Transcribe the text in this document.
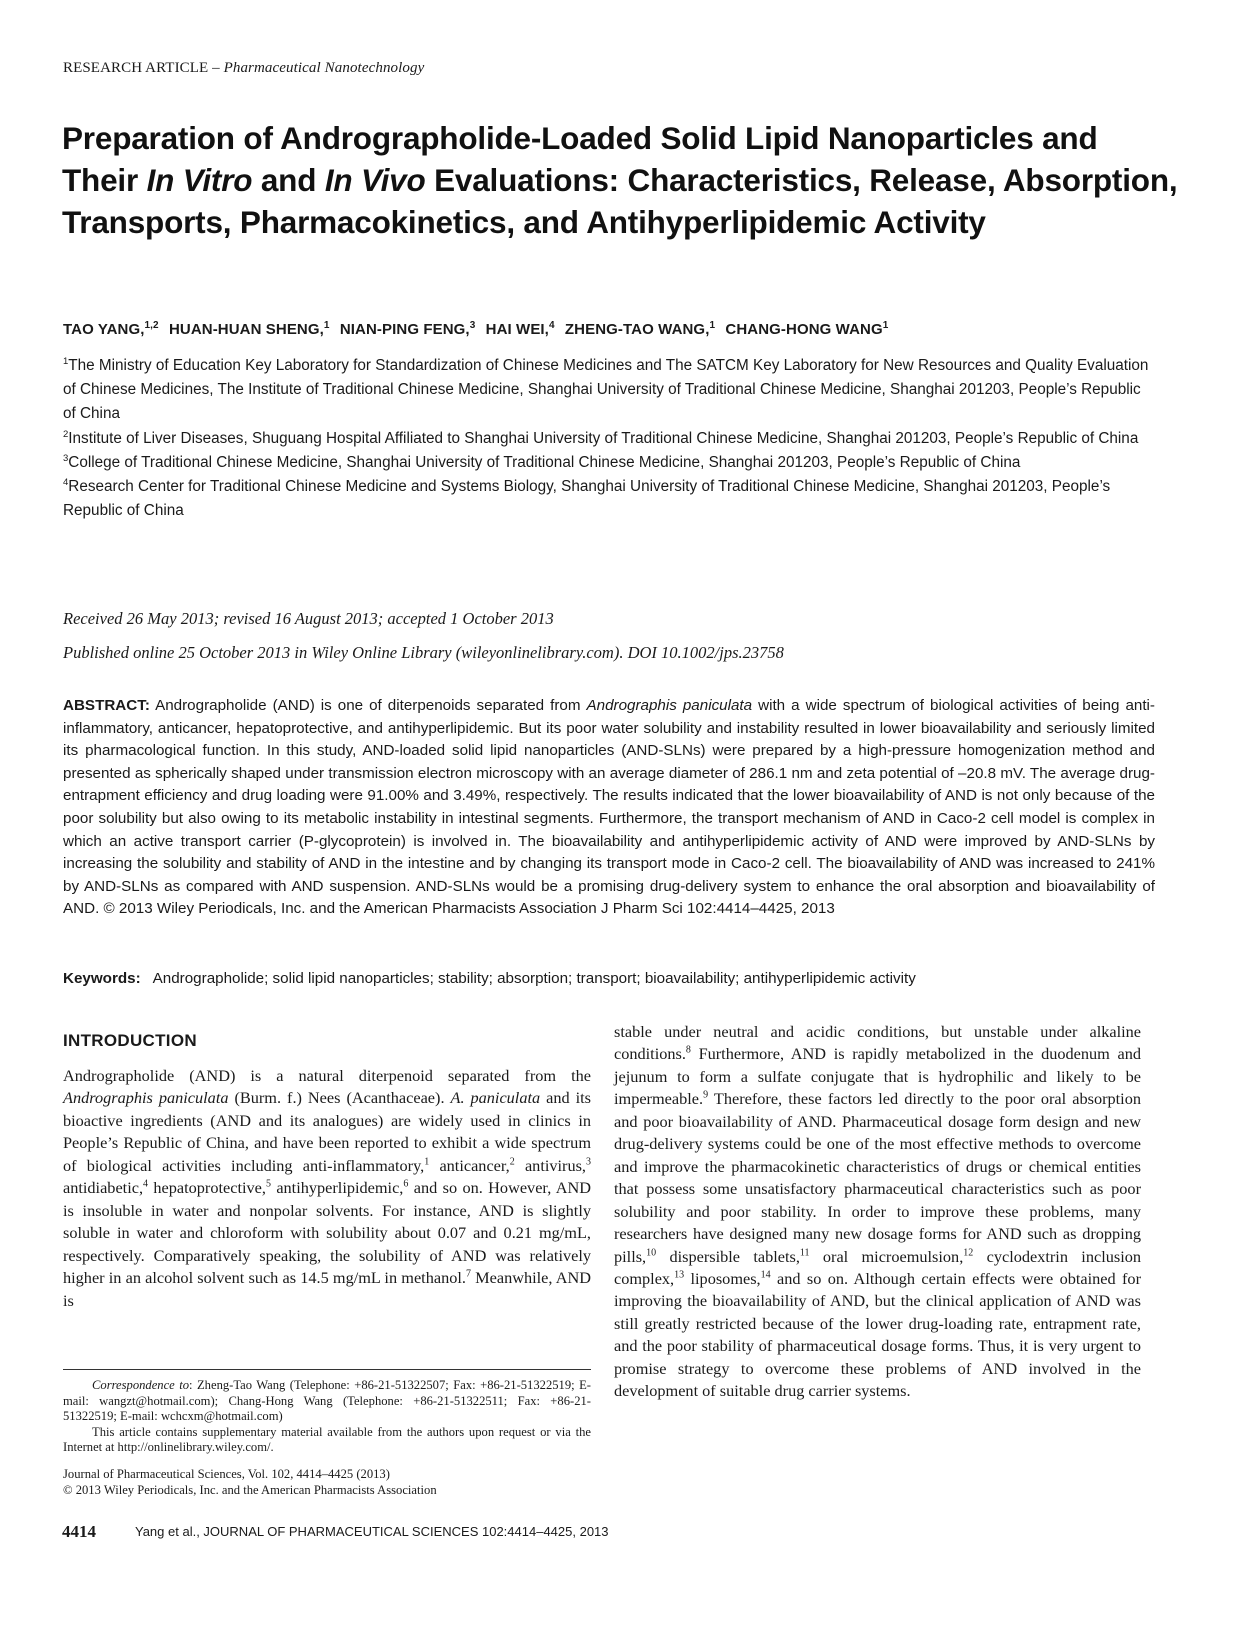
RESEARCH ARTICLE – Pharmaceutical Nanotechnology
Preparation of Andrographolide-Loaded Solid Lipid Nanoparticles and Their In Vitro and In Vivo Evaluations: Characteristics, Release, Absorption, Transports, Pharmacokinetics, and Antihyperlipidemic Activity
TAO YANG,$^{1,2}$ HUAN-HUAN SHENG,$^1$ NIAN-PING FENG,$^3$ HAI WEI,$^4$ ZHENG-TAO WANG,$^1$ CHANG-HONG WANG$^1$

$^1$The Ministry of Education Key Laboratory for Standardization of Chinese Medicines and The SATCM Key Laboratory for New Resources and Quality Evaluation of Chinese Medicines, The Institute of Traditional Chinese Medicine, Shanghai University of Traditional Chinese Medicine, Shanghai 201203, People’s Republic of China

$^2$Institute of Liver Diseases, Shuguang Hospital Affiliated to Shanghai University of Traditional Chinese Medicine, Shanghai 201203, People’s Republic of China

$^3$College of Traditional Chinese Medicine, Shanghai University of Traditional Chinese Medicine, Shanghai 201203, People’s Republic of China

$^4$Research Center for Traditional Chinese Medicine and Systems Biology, Shanghai University of Traditional Chinese Medicine, Shanghai 201203, People’s Republic of China

Received 26 May 2013; revised 16 August 2013; accepted 1 October 2013
Published online 25 October 2013 in Wiley Online Library (wileyonlinelibrary.com). DOI 10.1002/jps.23758
ABSTRACT: Andrographolide (AND) is one of diterpenoids separated from Andrographis paniculata with a wide spectrum of biological activities of being anti-inflammatory, anticancer, hepatoprotective, and antihyperlipidemic. But its poor water solubility and instability resulted in lower bioavailability and seriously limited its pharmacological function. In this study, AND-loaded solid lipid nanoparticles (AND-SLNs) were prepared by a high-pressure homogenization method and presented as spherically shaped under transmission electron microscopy with an average diameter of 286.1 nm and zeta potential of –20.8 mV. The average drug-entrapment efficiency and drug loading were 91.00% and 3.49%, respectively. The results indicated that the lower bioavailability of AND is not only because of the poor solubility but also owing to its metabolic instability in intestinal segments. Furthermore, the transport mechanism of AND in Caco-2 cell model is complex in which an active transport carrier (P-glycoprotein) is involved in. The bioavailability and antihyperlipidemic activity of AND were improved by AND-SLNs by increasing the solubility and stability of AND in the intestine and by changing its transport mode in Caco-2 cell. The bioavailability of AND was increased to 241% by AND-SLNs as compared with AND suspension. AND-SLNs would be a promising drug-delivery system to enhance the oral absorption and bioavailability of AND. © 2013 Wiley Periodicals, Inc. and the American Pharmacists Association J Pharm Sci 102:4414–4425, 2013
Keywords: Andrographolide; solid lipid nanoparticles; stability; absorption; transport; bioavailability; antihyperlipidemic activity
INTRODUCTION
Andrographolide (AND) is a natural diterpenoid separated from the Andrographis paniculata (Burm. f.) Nees (Acanthaceae). A. paniculata and its bioactive ingredients (AND and its analogues) are widely used in clinics in People’s Republic of China, and have been reported to exhibit a wide spectrum of biological activities including anti-inflammatory,$^1$ anticancer,$^2$ antivirus,$^3$ antidiabetic,$^4$ hepatoprotective,$^5$ antihyperlipidemic,$^6$ and so on. However, AND is insoluble in water and nonpolar solvents. For instance, AND is slightly soluble in water and chloroform with solubility about 0.07 and 0.21 mg/mL, respectively. Comparatively speaking, the solubility of AND was relatively higher in an alcohol solvent such as 14.5 mg/mL in methanol.$^7$ Meanwhile, AND is
stable under neutral and acidic conditions, but unstable under alkaline conditions.$^8$ Furthermore, AND is rapidly metabolized in the duodenum and jejunum to form a sulfate conjugate that is hydrophilic and likely to be impermeable.$^9$ Therefore, these factors led directly to the poor oral absorption and poor bioavailability of AND. Pharmaceutical dosage form design and new drug-delivery systems could be one of the most effective methods to overcome and improve the pharmacokinetic characteristics of drugs or chemical entities that possess some unsatisfactory pharmaceutical characteristics such as poor solubility and poor stability. In order to improve these problems, many researchers have designed many new dosage forms for AND such as dropping pills,$^{10}$ dispersible tablets,$^{11}$ oral microemulsion,$^{12}$ cyclodextrin inclusion complex,$^{13}$ liposomes,$^{14}$ and so on. Although certain effects were obtained for improving the bioavailability of AND, but the clinical application of AND was still greatly restricted because of the lower drug-loading rate, entrapment rate, and the poor stability of pharmaceutical dosage forms. Thus, it is very urgent to promise strategy to overcome these problems of AND involved in the development of suitable drug carrier systems.

Correspondence to: Zheng-Tao Wang (Telephone: +86-21-51322507; Fax: +86-21-51322519; E-mail: wangzt@hotmail.com); Chang-Hong Wang (Telephone: +86-21-51322511; Fax: +86-21-51322519; E-mail: wchcxm@hotmail.com)

This article contains supplementary material available from the authors upon request or via the Internet at http://onlinelibrary.wiley.com/.

Journal of Pharmaceutical Sciences, Vol. 102, 4414–4425 (2013)

© 2013 Wiley Periodicals, Inc. and the American Pharmacists Association

4414	Yang et al., JOURNAL OF PHARMACEUTICAL SCIENCES 102:4414–4425, 2013
